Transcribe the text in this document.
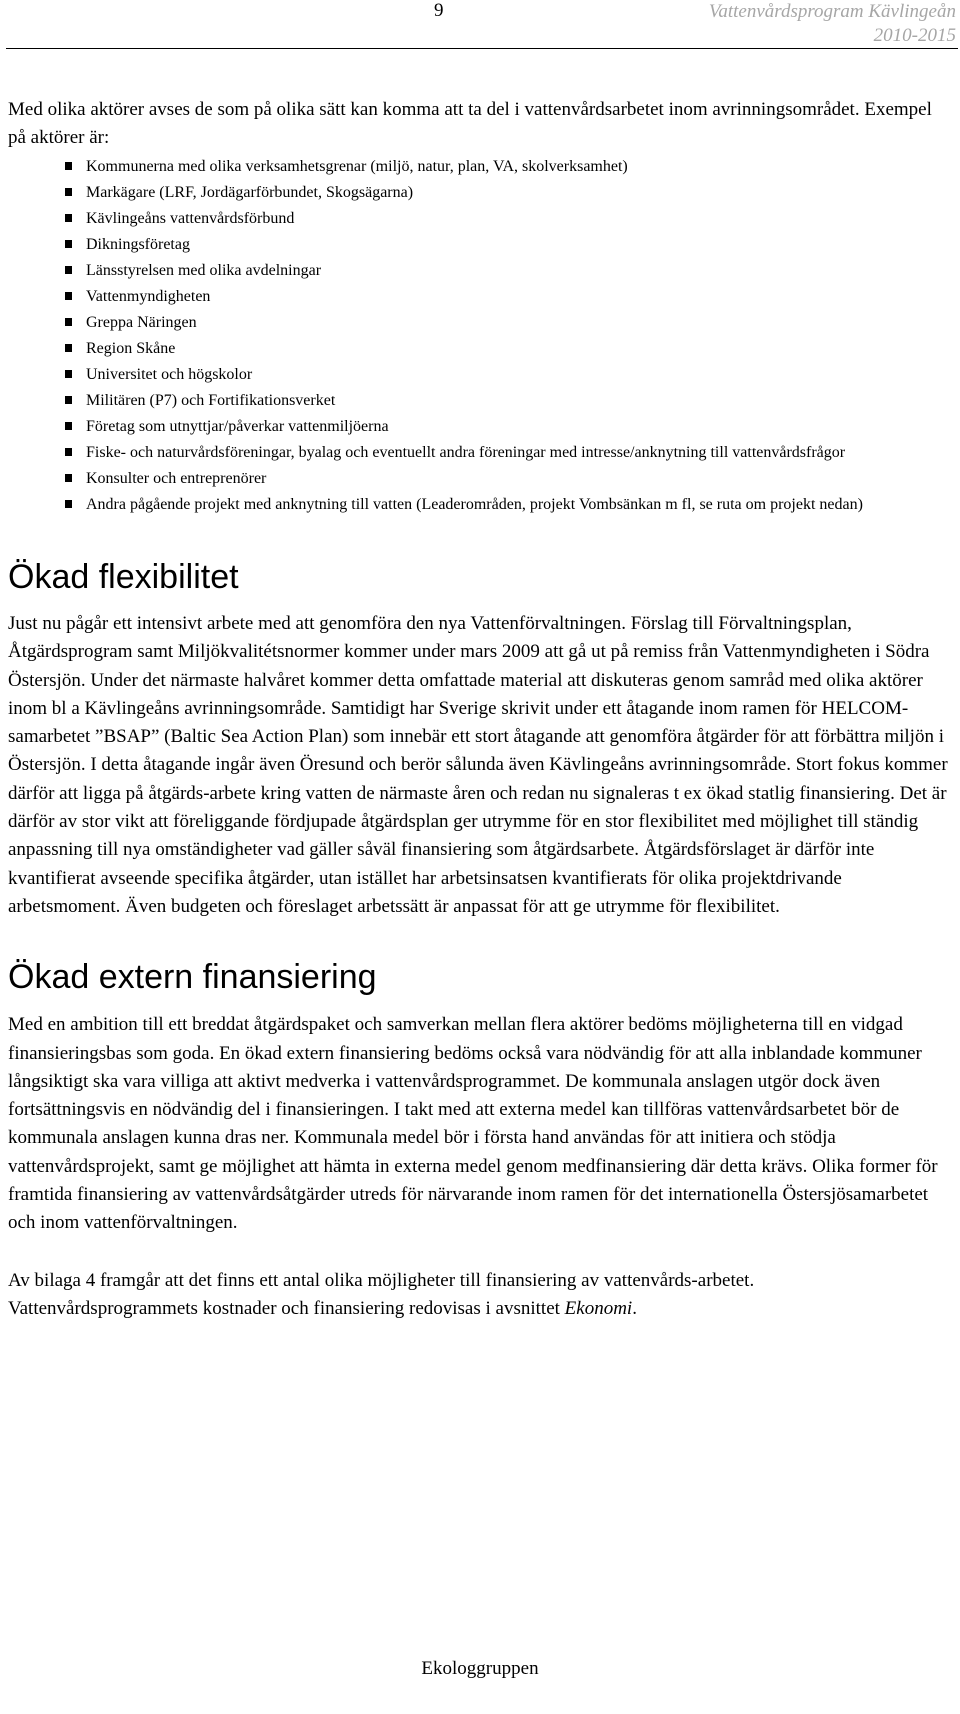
9	Vattenvårdsprogram Kävlingeån
2010-2015

Med olika aktörer avses de som på olika sätt kan komma att ta del i vattenvårdsarbetet inom avrinningsområdet. Exempel på aktörer är:

Kommunerna med olika verksamhetsgrenar (miljö, natur, plan, VA, skolverksamhet)
Markägare (LRF, Jordägarförbundet, Skogsägarna)
Kävlingeåns vattenvårdsförbund
Dikningsföretag
Länsstyrelsen med olika avdelningar
Vattenmyndigheten
Greppa Näringen
Region Skåne
Universitet och högskolor
Militären (P7) och Fortifikationsverket
Företag som utnyttjar/påverkar vattenmiljöerna
Fiske- och naturvårdsföreningar, byalag och eventuellt andra föreningar med intresse/anknytning till vattenvårdsfrågor
Konsulter och entreprenörer
Andra pågående projekt med anknytning till vatten (Leaderområden, projekt Vombsänkan m fl, se ruta om projekt nedan)
Ökad flexibilitet

Just nu pågår ett intensivt arbete med att genomföra den nya Vattenförvaltningen. Förslag till Förvaltningsplan, Åtgärdsprogram samt Miljökvalitétsnormer kommer under mars 2009 att gå ut på remiss från Vattenmyndigheten i Södra Östersjön. Under det närmaste halvåret kommer detta omfattade material att diskuteras genom samråd med olika aktörer inom bl a Kävlingeåns avrinningsområde. Samtidigt har Sverige skrivit under ett åtagande inom ramen för HELCOM-samarbetet ”BSAP” (Baltic Sea Action Plan) som innebär ett stort åtagande att genomföra åtgärder för att förbättra miljön i Östersjön. I detta åtagande ingår även Öresund och berör sålunda även Kävlingeåns avrinningsområde. Stort fokus kommer därför att ligga på åtgärds-arbete kring vatten de närmaste åren och redan nu signaleras t ex ökad statlig finansiering. Det är därför av stor vikt att föreliggande fördjupade åtgärdsplan ger utrymme för en stor flexibilitet med möjlighet till ständig anpassning till nya omständigheter vad gäller såväl finansiering som åtgärdsarbete. Åtgärdsförslaget är därför inte kvantifierat avseende specifika åtgärder, utan istället har arbetsinsatsen kvantifierats för olika projektdrivande arbetsmoment. Även budgeten och föreslaget arbetssätt är anpassat för att ge utrymme för flexibilitet.

Ökad extern finansiering

Med en ambition till ett breddat åtgärdspaket och samverkan mellan flera aktörer bedöms möjligheterna till en vidgad finansieringsbas som goda. En ökad extern finansiering bedöms också vara nödvändig för att alla inblandade kommuner långsiktigt ska vara villiga att aktivt medverka i vattenvårdsprogrammet. De kommunala anslagen utgör dock även fortsättningsvis en nödvändig del i finansieringen. I takt med att externa medel kan tillföras vattenvårdsarbetet bör de kommunala anslagen kunna dras ner. Kommunala medel bör i första hand användas för att initiera och stödja vattenvårdsprojekt, samt ge möjlighet att hämta in externa medel genom medfinansiering där detta krävs. Olika former för framtida finansiering av vattenvårdsåtgärder utreds för närvarande inom ramen för det internationella Östersjösamarbetet och inom vattenförvaltningen.

Av bilaga 4 framgår att det finns ett antal olika möjligheter till finansiering av vattenvårds-arbetet. Vattenvårdsprogrammets kostnader och finansiering redovisas i avsnittet Ekonomi.

Ekologgruppen
